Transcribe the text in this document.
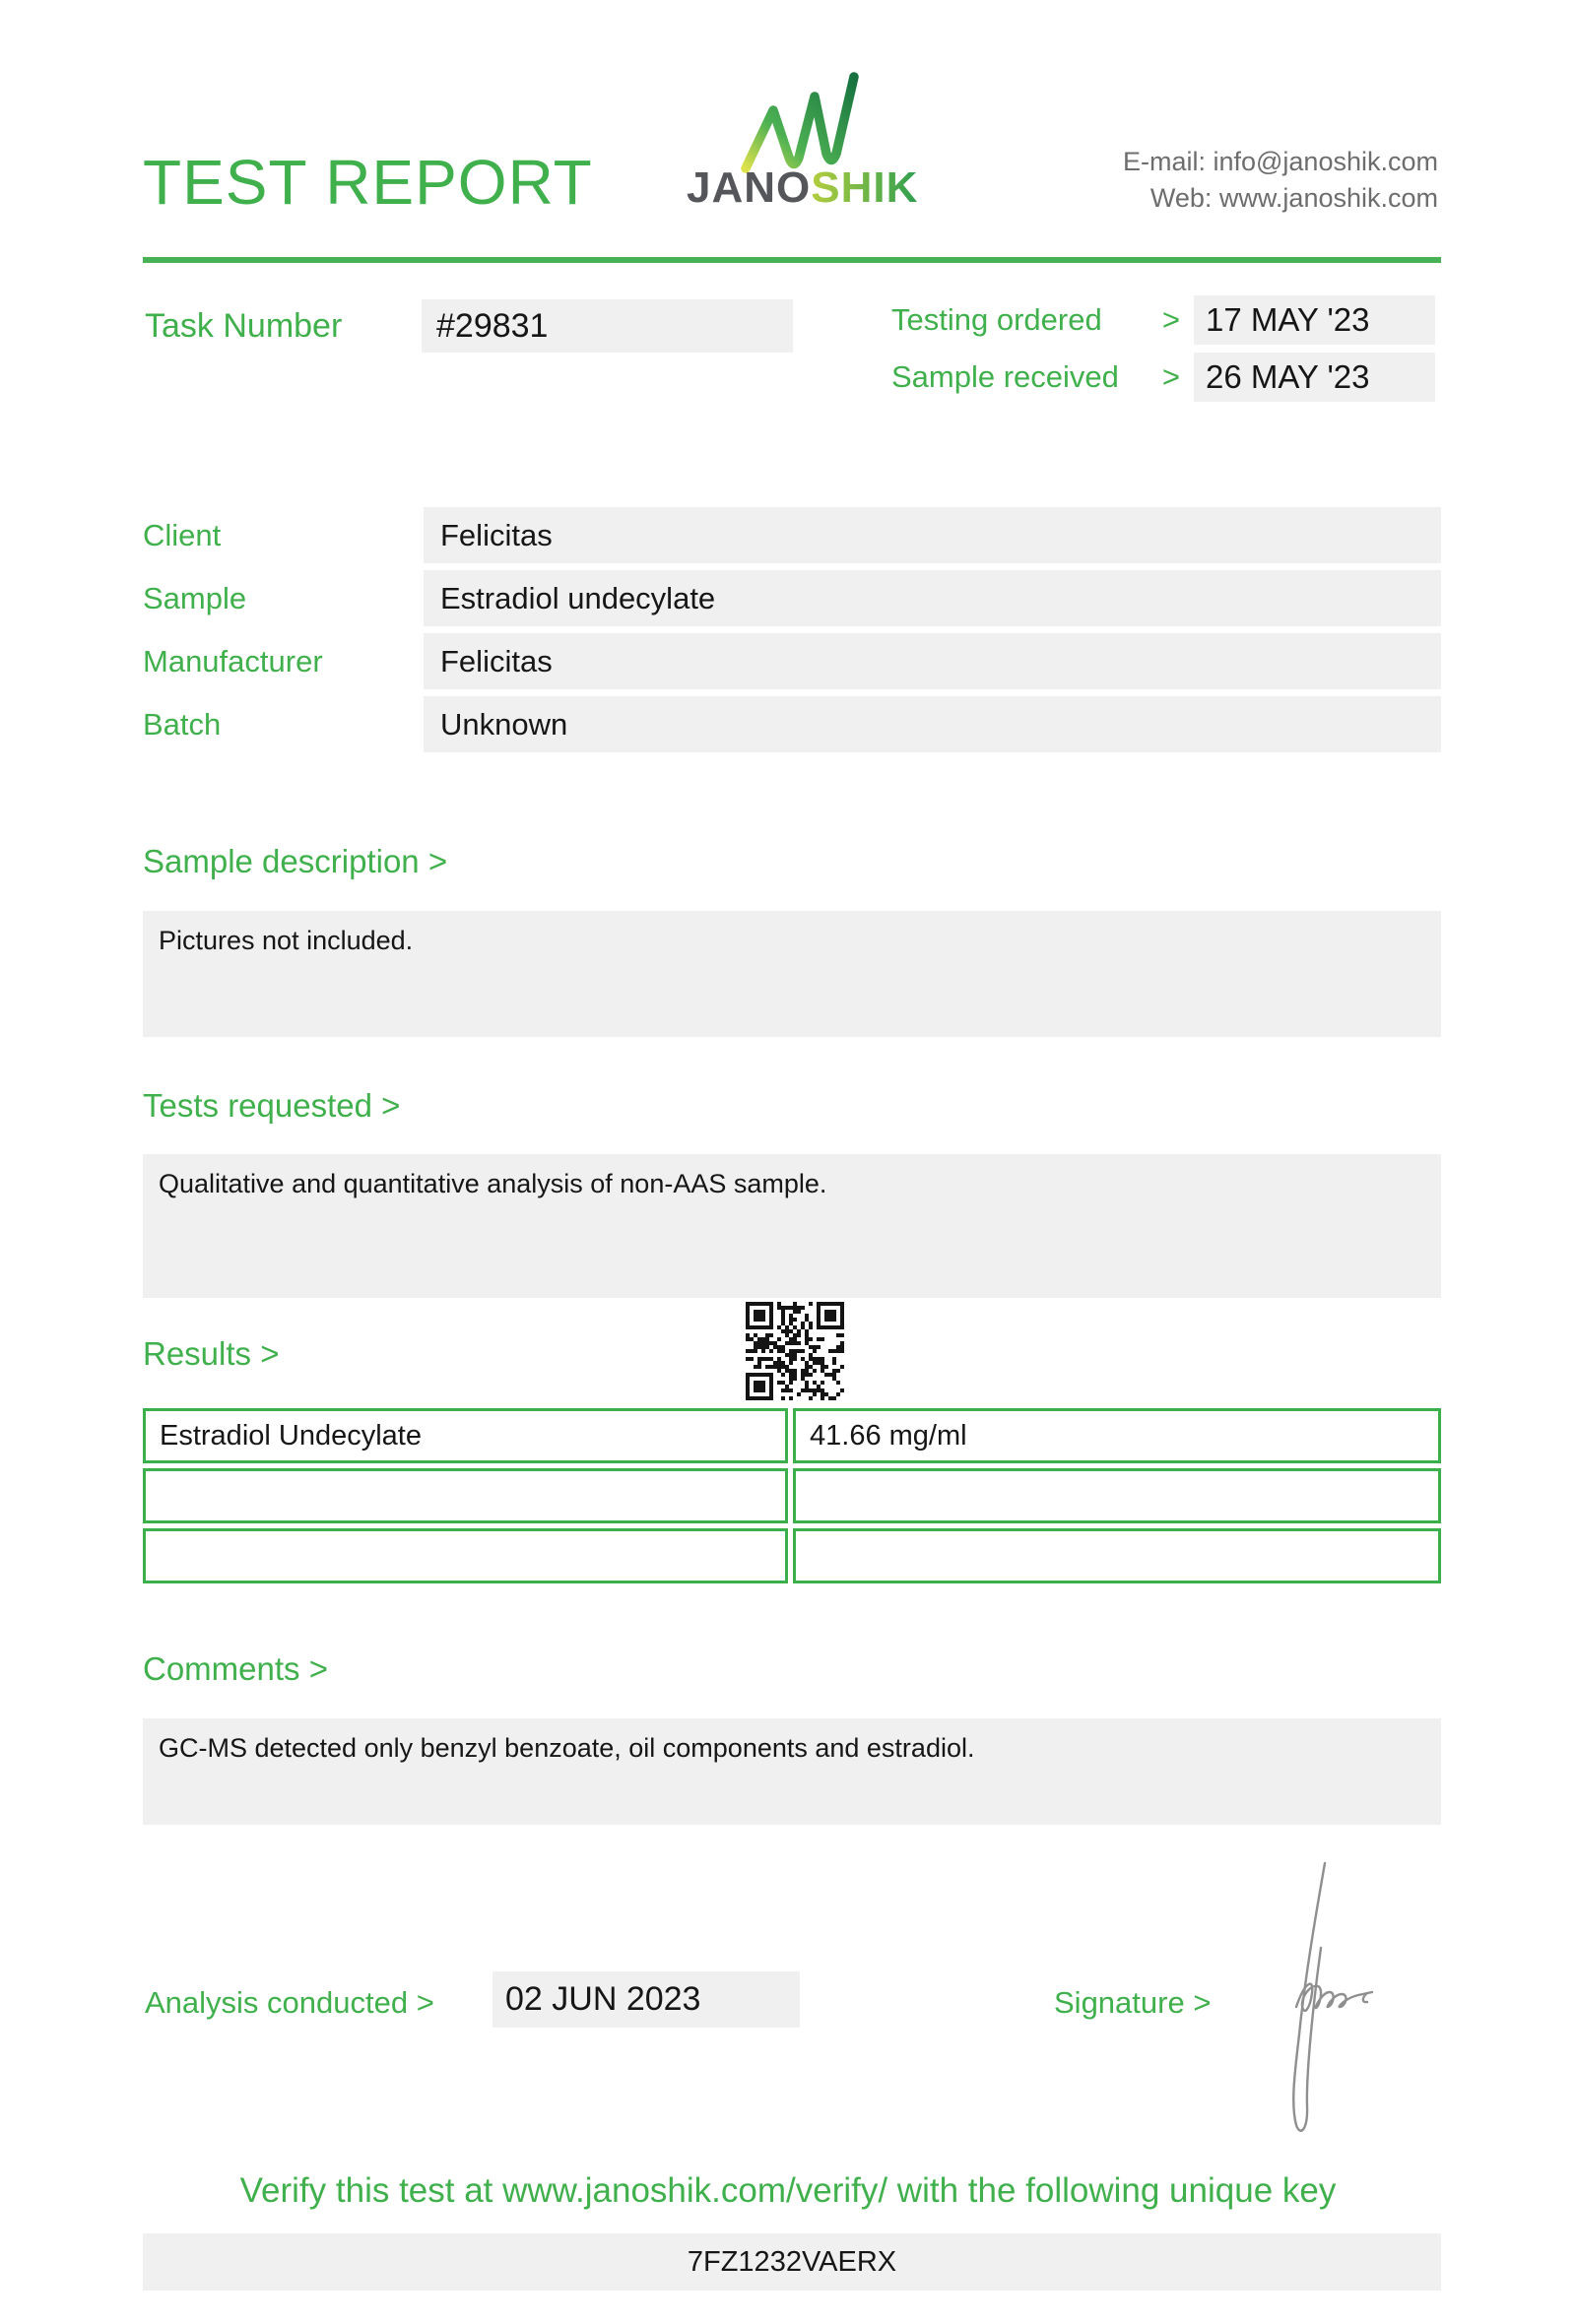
TEST REPORT JANOSHIK
E-mail: info@janoshik.com
Web: www.janoshik.com
Task Number	#29831	Testing ordered	> 17 MAY '23
Sample received	> 26 MAY '23
Client	Felicitas
Sample	Estradiol undecylate
Manufacturer	Felicitas
Batch	Unknown
Sample description >
Pictures not included.
Tests requested >
Qualitative and quantitative analysis of non-AAS sample.
Results >
Estradiol Undecylate	41.66 mg/ml
Comments >
GC-MS detected only benzyl benzoate, oil components and estradiol.
Analysis conducted >	02 JUN 2023	Signature >
Verify this test at www.janoshik.com/verify/ with the following unique key
7FZ1232VAERX
